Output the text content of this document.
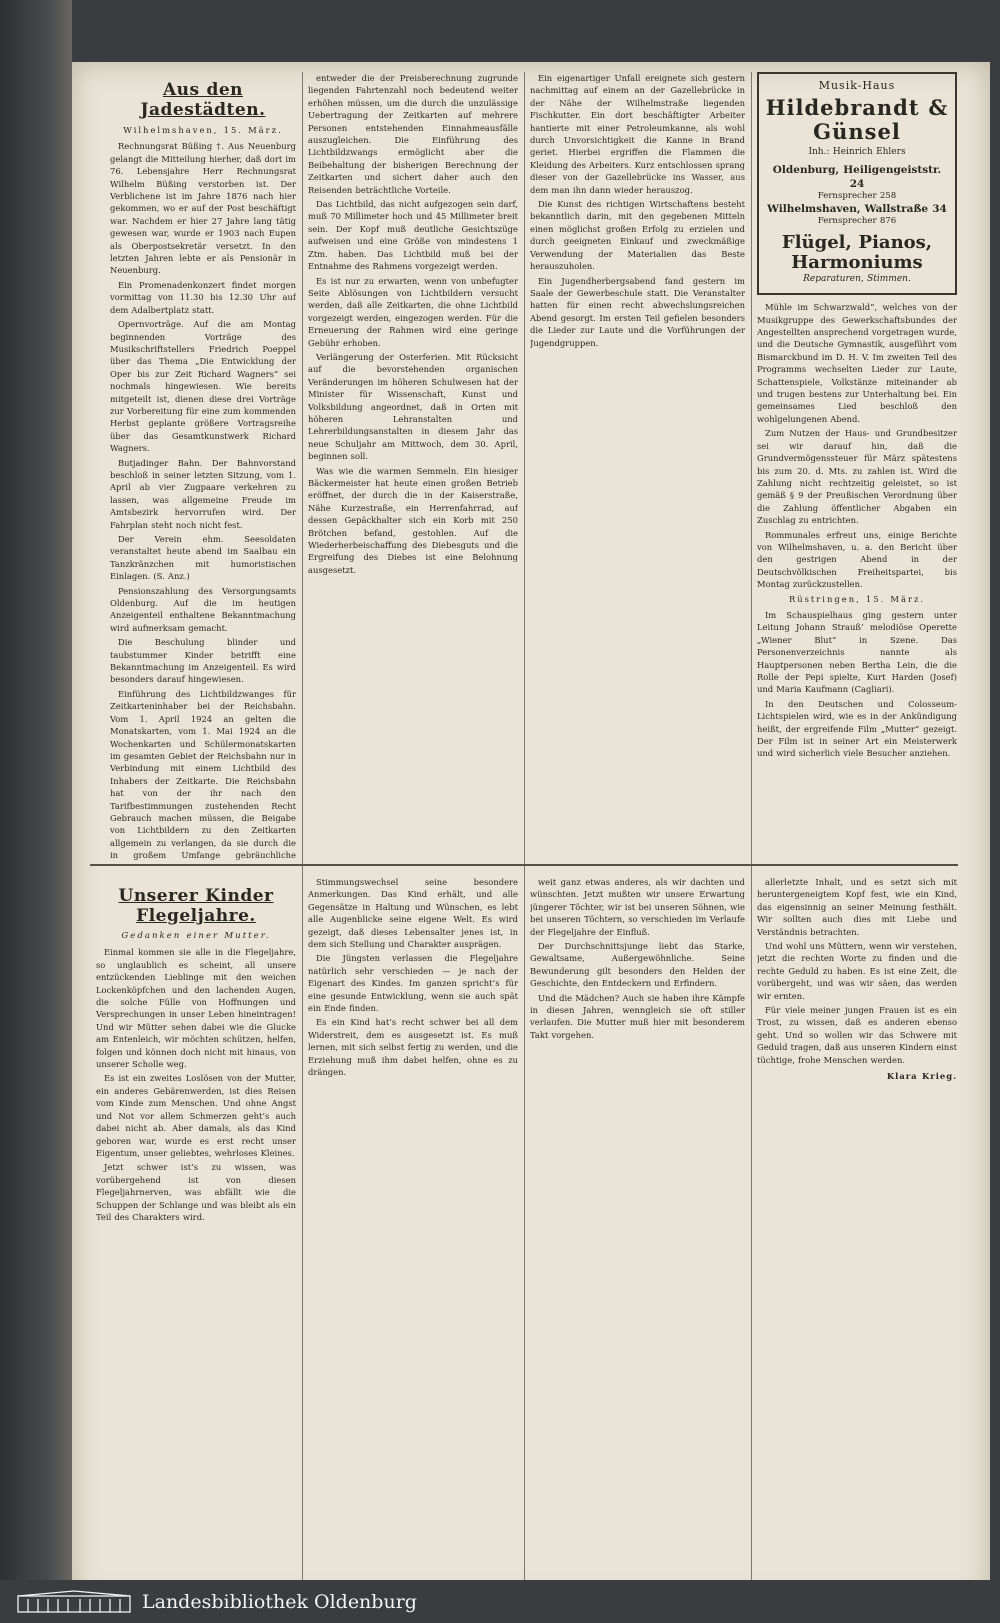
Aus den Jadestädten.
Wilhelmshaven, 15. März.

Rechnungsrat Büßing †. Aus Neuenburg gelangt die Mitteilung hierher, daß dort im 76. Lebensjahre Herr Rechnungsrat Wilhelm Büßing verstorben ist. Der Verblichene ist im Jahre 1876 nach hier gekommen, wo er auf der Post beschäftigt war. Nachdem er hier 27 Jahre lang tätig gewesen war, wurde er 1903 nach Eupen als Oberpostsekretär versetzt. In den letzten Jahren lebte er als Pensionär in Neuenburg.

Ein Promenadenkonzert findet morgen vormittag von 11.30 bis 12.30 Uhr auf dem Adalbertplatz statt.

Opernvorträge. Auf die am Montag beginnenden Vorträge des Musikschriftstellers Friedrich Poeppel über das Thema „Die Entwicklung der Oper bis zur Zeit Richard Wagners“ sei nochmals hingewiesen. Wie bereits mitgeteilt ist, dienen diese drei Vorträge zur Vorbereitung für eine zum kommenden Herbst geplante größere Vortragsreihe über das Gesamtkunstwerk Richard Wagners.

Butjadinger Bahn. Der Bahnvorstand beschloß in seiner letzten Sitzung, vom 1. April ab vier Zugpaare verkehren zu lassen, was allgemeine Freude im Amtsbezirk hervorrufen wird. Der Fahrplan steht noch nicht fest.

Der Verein ehm. Seesoldaten veranstaltet heute abend im Saalbau ein Tanzkränzchen mit humoristischen Einlagen. (S. Anz.)

Pensionszahlung des Versorgungsamts Oldenburg. Auf die im heutigen Anzeigenteil enthaltene Bekanntmachung wird aufmerksam gemacht.

Die Beschulung blinder und taubstummer Kinder betrifft eine Bekanntmachung im Anzeigenteil. Es wird besonders darauf hingewiesen.

Einführung des Lichtbildzwanges für Zeitkarteninhaber bei der Reichsbahn. Vom 1. April 1924 an gelten die Monatskarten, vom 1. Mai 1924 an die Wochenkarten und Schülermonatskarten im gesamten Gebiet der Reichsbahn nur in Verbindung mit einem Lichtbild des Inhabers der Zeitkarte. Die Reichsbahn hat von der ihr nach den Tarifbestimmungen zustehenden Recht Gebrauch machen müssen, die Beigabe von Lichtbildern zu den Zeitkarten allgemein zu verlangen, da sie durch die in großem Umfange gebräuchliche

entweder die der Preisberechnung zugrunde liegenden Fahrtenzahl noch bedeutend weiter erhöhen müssen, um die durch die unzulässige Uebertragung der Zeitkarten auf mehrere Personen entstehenden Einnahmeausfälle auszugleichen. Die Einführung des Lichtbildzwangs ermöglicht aber die Beibehaltung der bisherigen Berechnung der Zeitkarten und sichert daher auch den Reisenden beträchtliche Vorteile.

Das Lichtbild, das nicht aufgezogen sein darf, muß 70 Millimeter hoch und 45 Millimeter breit sein. Der Kopf muß deutliche Gesichtszüge aufweisen und eine Größe von mindestens 1 Ztm. haben. Das Lichtbild muß bei der Entnahme des Rahmens vorgezeigt werden.

Es ist nur zu erwarten, wenn von unbefugter Seite Ablösungen von Lichtbildern versucht werden, daß alle Zeitkarten, die ohne Lichtbild vorgezeigt werden, eingezogen werden. Für die Erneuerung der Rahmen wird eine geringe Gebühr erhoben.

Verlängerung der Osterferien. Mit Rücksicht auf die bevorstehenden organischen Veränderungen im höheren Schulwesen hat der Minister für Wissenschaft, Kunst und Volksbildung angeordnet, daß in Orten mit höheren Lehranstalten und Lehrerbildungsanstalten in diesem Jahr das neue Schuljahr am Mittwoch, dem 30. April, beginnen soll.

Was wie die warmen Semmeln. Ein hiesiger Bäckermeister hat heute einen großen Betrieb eröffnet, der durch die in der Kaiserstraße, Nähe Kurzestraße, ein Herrenfahrrad, auf dessen Gepäckhalter sich ein Korb mit 250 Brötchen befand, gestohlen. Auf die Wiederherbeischaffung des Diebesguts und die Ergreifung des Diebes ist eine Belohnung ausgesetzt.

Ein eigenartiger Unfall ereignete sich gestern nachmittag auf einem an der Gazellebrücke in der Nähe der Wilhelmstraße liegenden Fischkutter. Ein dort beschäftigter Arbeiter hantierte mit einer Petroleumkanne, als wohl durch Unvorsichtigkeit die Kanne in Brand geriet. Hierbei ergriffen die Flammen die Kleidung des Arbeiters. Kurz entschlossen sprang dieser von der Gazellebrücke ins Wasser, aus dem man ihn dann wieder herauszog.

Die Kunst des richtigen Wirtschaftens besteht bekanntlich darin, mit den gegebenen Mitteln einen möglichst großen Erfolg zu erzielen und durch geeigneten Einkauf und zweckmäßige Verwendung der Materialien das Beste herauszuholen.

Ein Jugendherbergsabend fand gestern im Saale der Gewerbeschule statt. Die Veranstalter hatten für einen recht abwechslungsreichen Abend gesorgt. Im ersten Teil gefielen besonders die Lieder zur Laute und die Vorführungen der Jugendgruppen.

Musik-Haus
Hildebrandt & Günsel
Inh.: Heinrich Ehlers
Oldenburg, Heiligengeiststr. 24
Fernsprecher 258
Wilhelmshaven, Wallstraße 34
Fernsprecher 876
Flügel, Pianos, Harmoniums
Reparaturen, Stimmen.

Mühle im Schwarzwald“, welches von der Musikgruppe des Gewerkschaftsbundes der Angestellten ansprechend vorgetragen wurde, und die Deutsche Gymnastik, ausgeführt vom Bismarckbund im D. H. V. Im zweiten Teil des Programms wechselten Lieder zur Laute, Schattenspiele, Volkstänze miteinander ab und trugen bestens zur Unterhaltung bei. Ein gemeinsames Lied beschloß den wohlgelungenen Abend.

Zum Nutzen der Haus- und Grundbesitzer sei wir darauf hin, daß die Grundvermögenssteuer für März spätestens bis zum 20. d. Mts. zu zahlen ist. Wird die Zahlung nicht rechtzeitig geleistet, so ist gemäß § 9 der Preußischen Verordnung über die Zahlung öffentlicher Abgaben ein Zuschlag zu entrichten.

Rommunales erfreut uns, einige Berichte von Wilhelmshaven, u. a. den Bericht über den gestrigen Abend in der Deutschvölkischen Freiheitspartei, bis Montag zurückzustellen.

Rüstringen, 15. März.

Im Schauspielhaus ging gestern unter Leitung Johann Strauß’ melodiöse Operette „Wiener Blut“ in Szene. Das Personenverzeichnis nannte als Hauptpersonen neben Bertha Lein, die die Rolle der Pepi spielte, Kurt Harden (Josef) und Maria Kaufmann (Cagliari).

In den Deutschen und Colosseum-Lichtspielen wird, wie es in der Ankündigung heißt, der ergreifende Film „Mutter“ gezeigt. Der Film ist in seiner Art ein Meisterwerk und wird sicherlich viele Besucher anziehen.

Unserer Kinder Flegeljahre.
Gedanken einer Mutter.

Einmal kommen sie alle in die Flegeljahre, so unglaublich es scheint, all unsere entzückenden Lieblinge mit den weichen Lockenköpfchen und den lachenden Augen, die solche Fülle von Hoffnungen und Versprechungen in unser Leben hineintragen! Und wir Mütter sehen dabei wie die Glucke am Entenleich, wir möchten schützen, helfen, folgen und können doch nicht mit hinaus, von unserer Scholle weg.

Es ist ein zweites Loslösen von der Mutter, ein anderes Gebärenwerden, ist dies Reisen vom Kinde zum Menschen. Und ohne Angst und Not vor allem Schmerzen geht’s auch dabei nicht ab. Aber damals, als das Kind geboren war, wurde es erst recht unser Eigentum, unser geliebtes, wehrloses Kleines.

Jetzt schwer ist’s zu wissen, was vorübergehend ist von diesen Flegeljahrnerven, was abfällt wie die Schuppen der Schlange und was bleibt als ein Teil des Charakters wird.

Stimmungswechsel seine besondere Anmerkungen. Das Kind erhält, und alle Gegensätze in Haltung und Wünschen, es lebt alle Augenblicke seine eigene Welt. Es wird gezeigt, daß dieses Lebensalter jenes ist, in dem sich Stellung und Charakter ausprägen.

Die Jüngsten verlassen die Flegeljahre natürlich sehr verschieden — je nach der Eigenart des Kindes. Im ganzen spricht’s für eine gesunde Entwicklung, wenn sie auch spät ein Ende finden.

Es ein Kind hat’s recht schwer bei all dem Widerstreit, dem es ausgesetzt ist. Es muß lernen, mit sich selbst fertig zu werden, und die Erziehung muß ihm dabei helfen, ohne es zu drängen.

weit ganz etwas anderes, als wir dachten und wünschten. Jetzt mußten wir unsere Erwartung jüngerer Töchter, wir ist bei unseren Söhnen, wie bei unseren Töchtern, so verschieden im Verlaufe der Flegeljahre der Einfluß.

Der Durchschnittsjunge liebt das Starke, Gewaltsame, Außergewöhnliche. Seine Bewunderung gilt besonders den Helden der Geschichte, den Entdeckern und Erfindern.

Und die Mädchen? Auch sie haben ihre Kämpfe in diesen Jahren, wenngleich sie oft stiller verlaufen. Die Mutter muß hier mit besonderem Takt vorgehen.

allerletzte Inhalt, und es setzt sich mit heruntergeneigtem Kopf fest, wie ein Kind, das eigensinnig an seiner Meinung festhält. Wir sollten auch dies mit Liebe und Verständnis betrachten.

Und wohl uns Müttern, wenn wir verstehen, jetzt die rechten Worte zu finden und die rechte Geduld zu haben. Es ist eine Zeit, die vorübergeht, und was wir säen, das werden wir ernten.

Für viele meiner jungen Frauen ist es ein Trost, zu wissen, daß es anderen ebenso geht. Und so wollen wir das Schwere mit Geduld tragen, daß aus unseren Kindern einst tüchtige, frohe Menschen werden.

Klara Krieg.
Landesbibliothek Oldenburg
